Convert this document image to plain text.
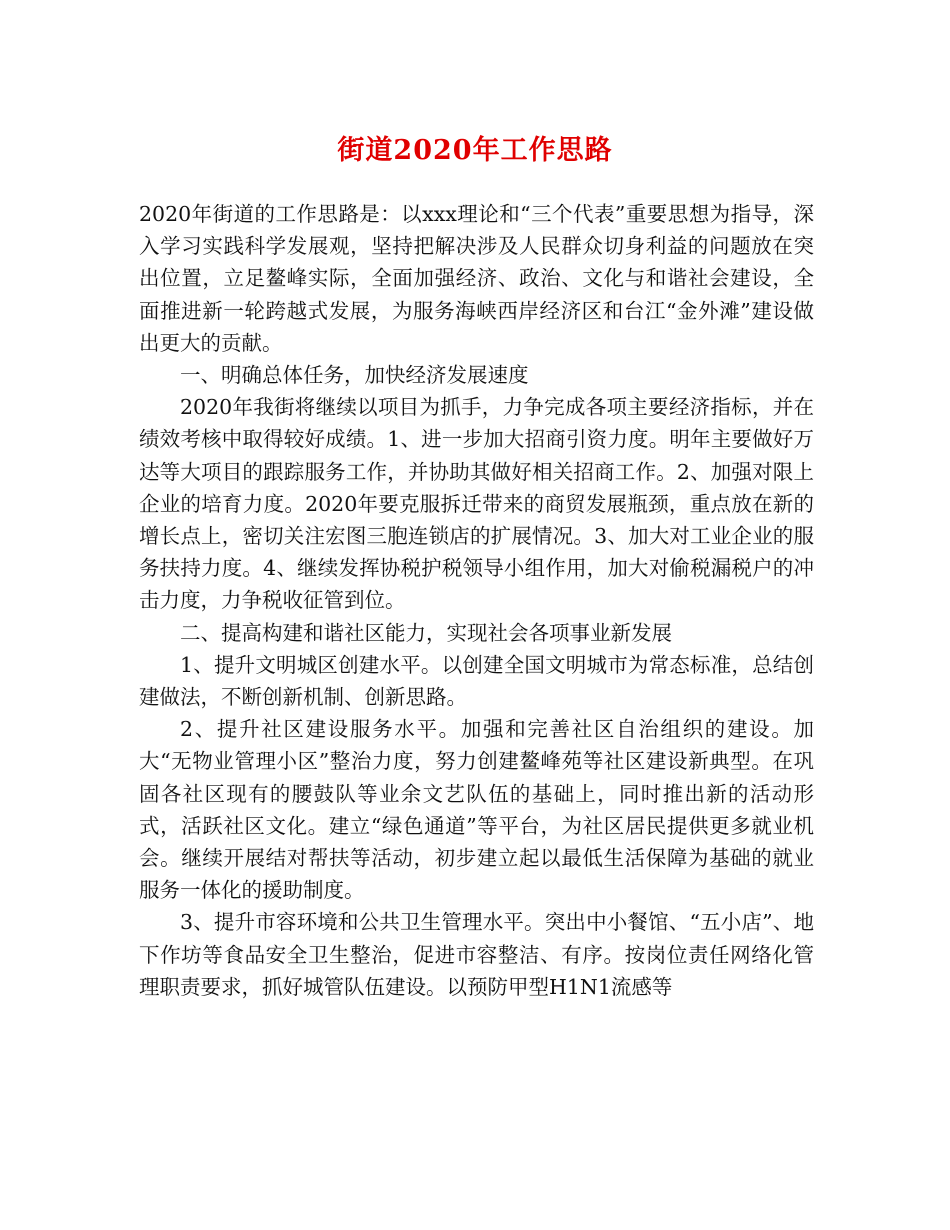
街道2020年工作思路

2020年街道的工作思路是：以xxx理论和“三个代表”重要思想为指导，深入学习实践科学发展观，坚持把解决涉及人民群众切身利益的问题放在突出位置，立足鳌峰实际，全面加强经济、政治、文化与和谐社会建设，全面推进新一轮跨越式发展，为服务海峡西岸经济区和台江“金外滩”建设做出更大的贡献。

一、明确总体任务，加快经济发展速度

2020年我街将继续以项目为抓手，力争完成各项主要经济指标，并在绩效考核中取得较好成绩。1、进一步加大招商引资力度。明年主要做好万达等大项目的跟踪服务工作，并协助其做好相关招商工作。2、加强对限上企业的培育力度。2020年要克服拆迁带来的商贸发展瓶颈，重点放在新的增长点上，密切关注宏图三胞连锁店的扩展情况。3、加大对工业企业的服务扶持力度。4、继续发挥协税护税领导小组作用，加大对偷税漏税户的冲击力度，力争税收征管到位。

二、提高构建和谐社区能力，实现社会各项事业新发展

1、提升文明城区创建水平。以创建全国文明城市为常态标准，总结创建做法，不断创新机制、创新思路。

2、提升社区建设服务水平。加强和完善社区自治组织的建设。加大“无物业管理小区”整治力度，努力创建鳌峰苑等社区建设新典型。在巩固各社区现有的腰鼓队等业余文艺队伍的基础上，同时推出新的活动形式，活跃社区文化。建立“绿色通道”等平台，为社区居民提供更多就业机会。继续开展结对帮扶等活动，初步建立起以最低生活保障为基础的就业服务一体化的援助制度。

3、提升市容环境和公共卫生管理水平。突出中小餐馆、“五小店”、地下作坊等食品安全卫生整治，促进市容整洁、有序。按岗位责任网络化管理职责要求，抓好城管队伍建设。以预防甲型H1N1流感等
